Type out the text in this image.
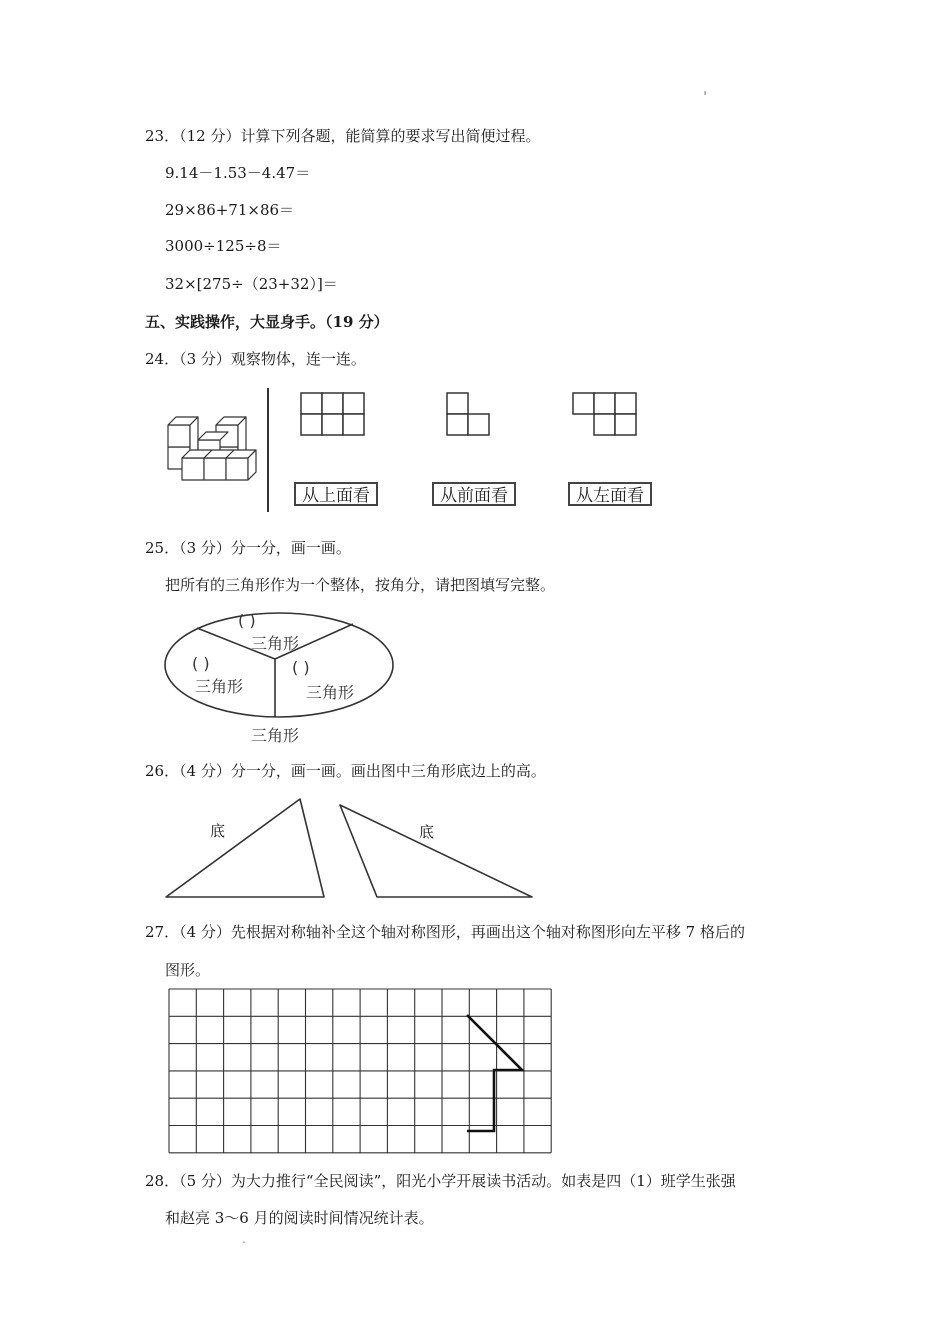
'
23．（12 分）计算下列各题，能简算的要求写出简便过程。
9.14－1.53－4.47＝
29×86+71×86＝
3000÷125÷8＝
32×[275÷（23+32）]＝
五、实践操作，大显身手。（19 分）
24．（3 分）观察物体，连一连。
从上面看	从前面看	从左面看
25．（3 分）分一分，画一画。
把所有的三角形作为一个整体，按角分，请把图填写完整。
( )
三角形
( )
三角形
( )
三角形
三角形
26．（4 分）分一分，画一画。画出图中三角形底边上的高。
底	底
27．（4 分）先根据对称轴补全这个轴对称图形，再画出这个轴对称图形向左平移 7 格后的
图形。
28．（5 分）为大力推行“全民阅读”，阳光小学开展读书活动。如表是四（1）班学生张强
和赵亮 3～6 月的阅读时间情况统计表。
.
